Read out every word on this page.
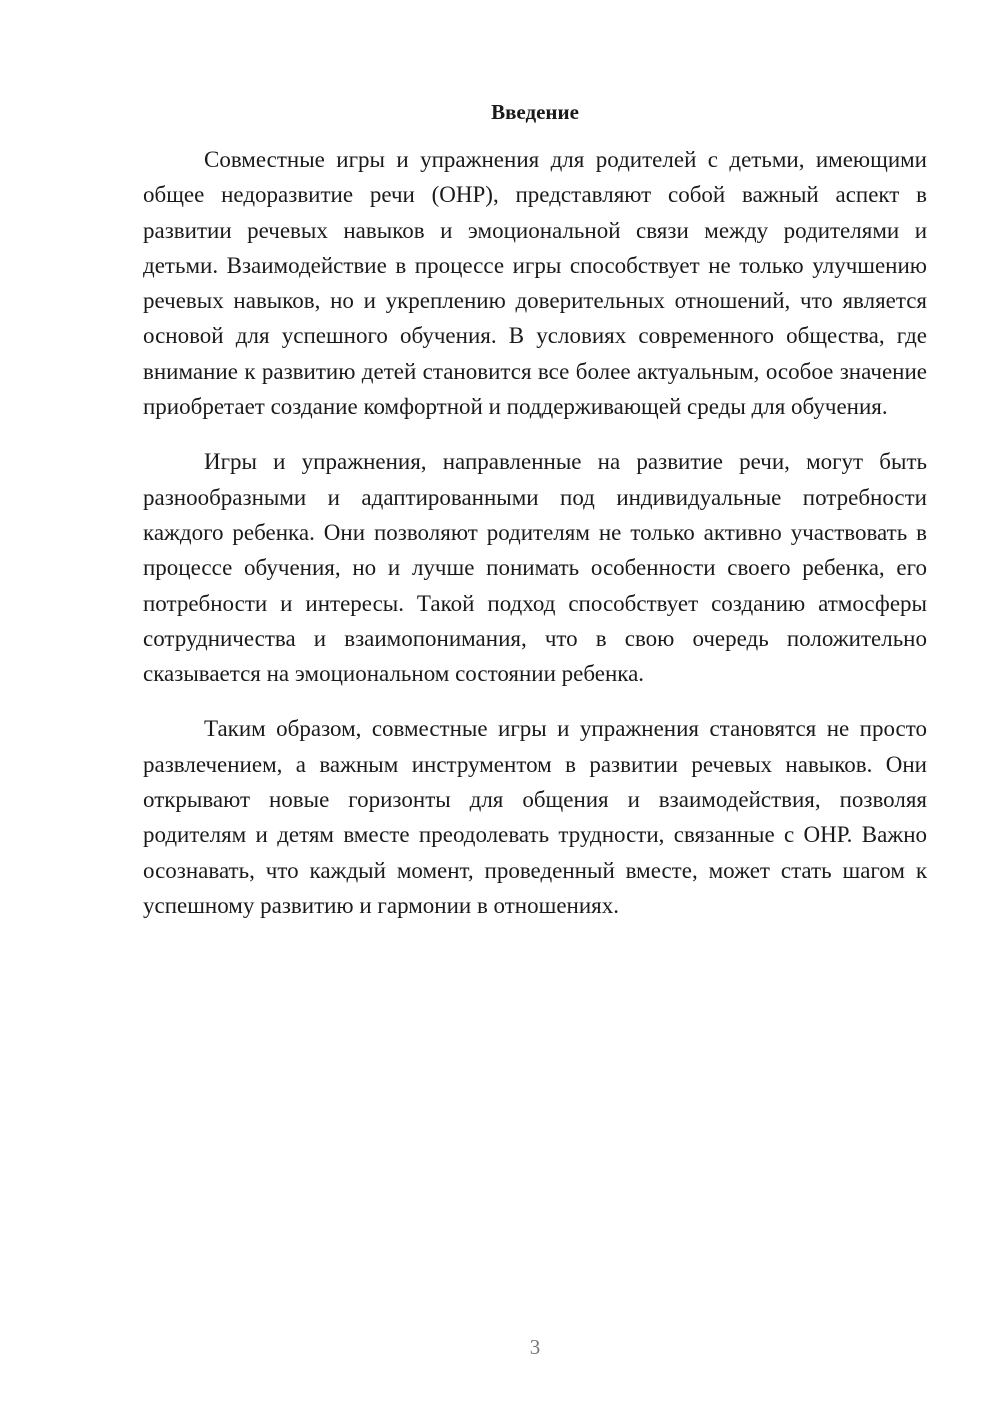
Введение

Совместные игры и упражнения для родителей с детьми, имеющими общее недоразвитие речи (ОНР), представляют собой важный аспект в развитии речевых навыков и эмоциональной связи между родителями и детьми. Взаимодействие в процессе игры способствует не только улучшению речевых навыков, но и укреплению доверительных отношений, что является основой для успешного обучения. В условиях современного общества, где внимание к развитию детей становится все более актуальным, особое значение приобретает создание комфортной и поддерживающей среды для обучения.

Игры и упражнения, направленные на развитие речи, могут быть разнообразными и адаптированными под индивидуальные потребности каждого ребенка. Они позволяют родителям не только активно участвовать в процессе обучения, но и лучше понимать особенности своего ребенка, его потребности и интересы. Такой подход способствует созданию атмосферы сотрудничества и взаимопонимания, что в свою очередь положительно сказывается на эмоциональном состоянии ребенка.

Таким образом, совместные игры и упражнения становятся не просто развлечением, а важным инструментом в развитии речевых навыков. Они открывают новые горизонты для общения и взаимодействия, позволяя родителям и детям вместе преодолевать трудности, связанные с ОНР. Важно осознавать, что каждый момент, проведенный вместе, может стать шагом к успешному развитию и гармонии в отношениях.

3
